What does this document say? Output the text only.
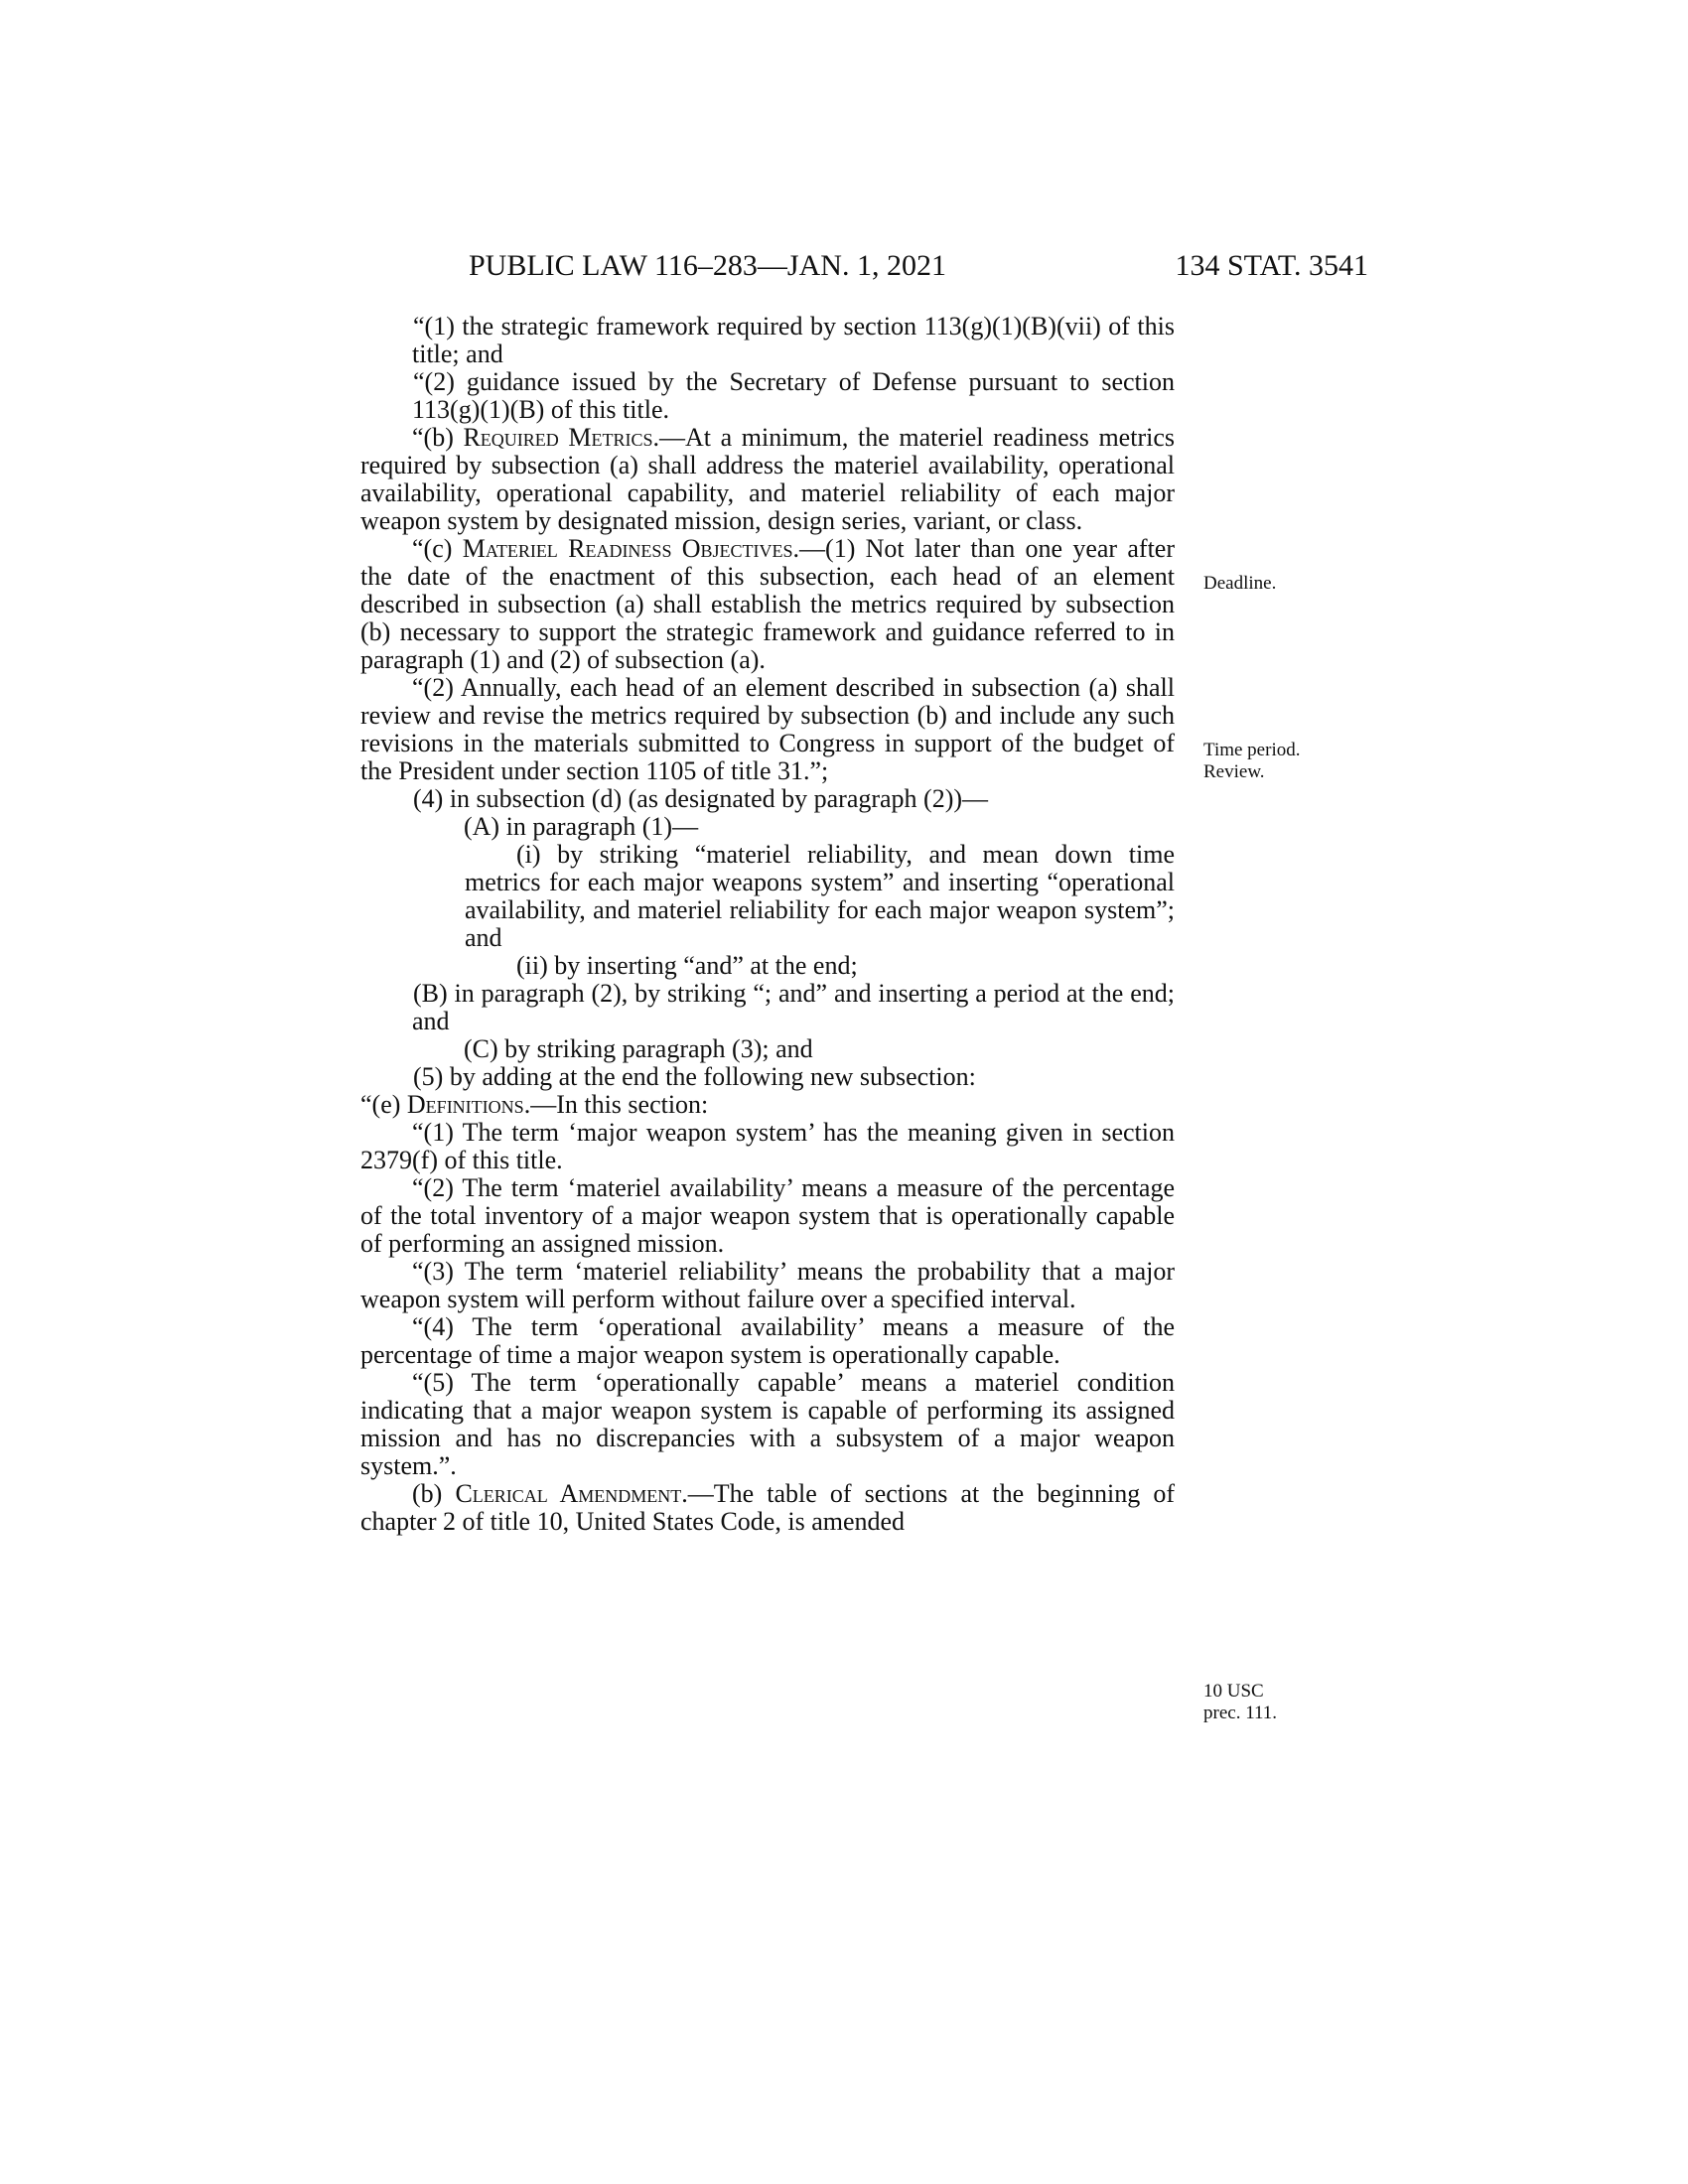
PUBLIC LAW 116–283—JAN. 1, 2021	134 STAT. 3541

“(1) the strategic framework required by section 113(g)(1)(B)(vii) of this title; and

“(2) guidance issued by the Secretary of Defense pursuant to section 113(g)(1)(B) of this title.

“(b) Required Metrics.—At a minimum, the materiel readiness metrics required by subsection (a) shall address the materiel availability, operational availability, operational capability, and materiel reliability of each major weapon system by designated mission, design series, variant, or class.

“(c) Materiel Readiness Objectives.—(1) Not later than one year after the date of the enactment of this subsection, each head of an element described in subsection (a) shall establish the metrics required by subsection (b) necessary to support the strategic framework and guidance referred to in paragraph (1) and (2) of subsection (a).

“(2) Annually, each head of an element described in subsection (a) shall review and revise the metrics required by subsection (b) and include any such revisions in the materials submitted to Congress in support of the budget of the President under section 1105 of title 31.”;

(4) in subsection (d) (as designated by paragraph (2))—

(A) in paragraph (1)—

(i) by striking “materiel reliability, and mean down time metrics for each major weapons system” and inserting “operational availability, and materiel reliability for each major weapon system”; and

(ii) by inserting “and” at the end;

(B) in paragraph (2), by striking “; and” and inserting a period at the end; and

(C) by striking paragraph (3); and

(5) by adding at the end the following new subsection:

“(e) Definitions.—In this section:

“(1) The term ‘major weapon system’ has the meaning given in section 2379(f) of this title.

“(2) The term ‘materiel availability’ means a measure of the percentage of the total inventory of a major weapon system that is operationally capable of performing an assigned mission.

“(3) The term ‘materiel reliability’ means the probability that a major weapon system will perform without failure over a specified interval.

“(4) The term ‘operational availability’ means a measure of the percentage of time a major weapon system is operationally capable.

“(5) The term ‘operationally capable’ means a materiel condition indicating that a major weapon system is capable of performing its assigned mission and has no discrepancies with a subsystem of a major weapon system.”.

(b) Clerical Amendment.—The table of sections at the beginning of chapter 2 of title 10, United States Code, is amended

Deadline.
Time period.
Review.
10 USC
prec. 111.
